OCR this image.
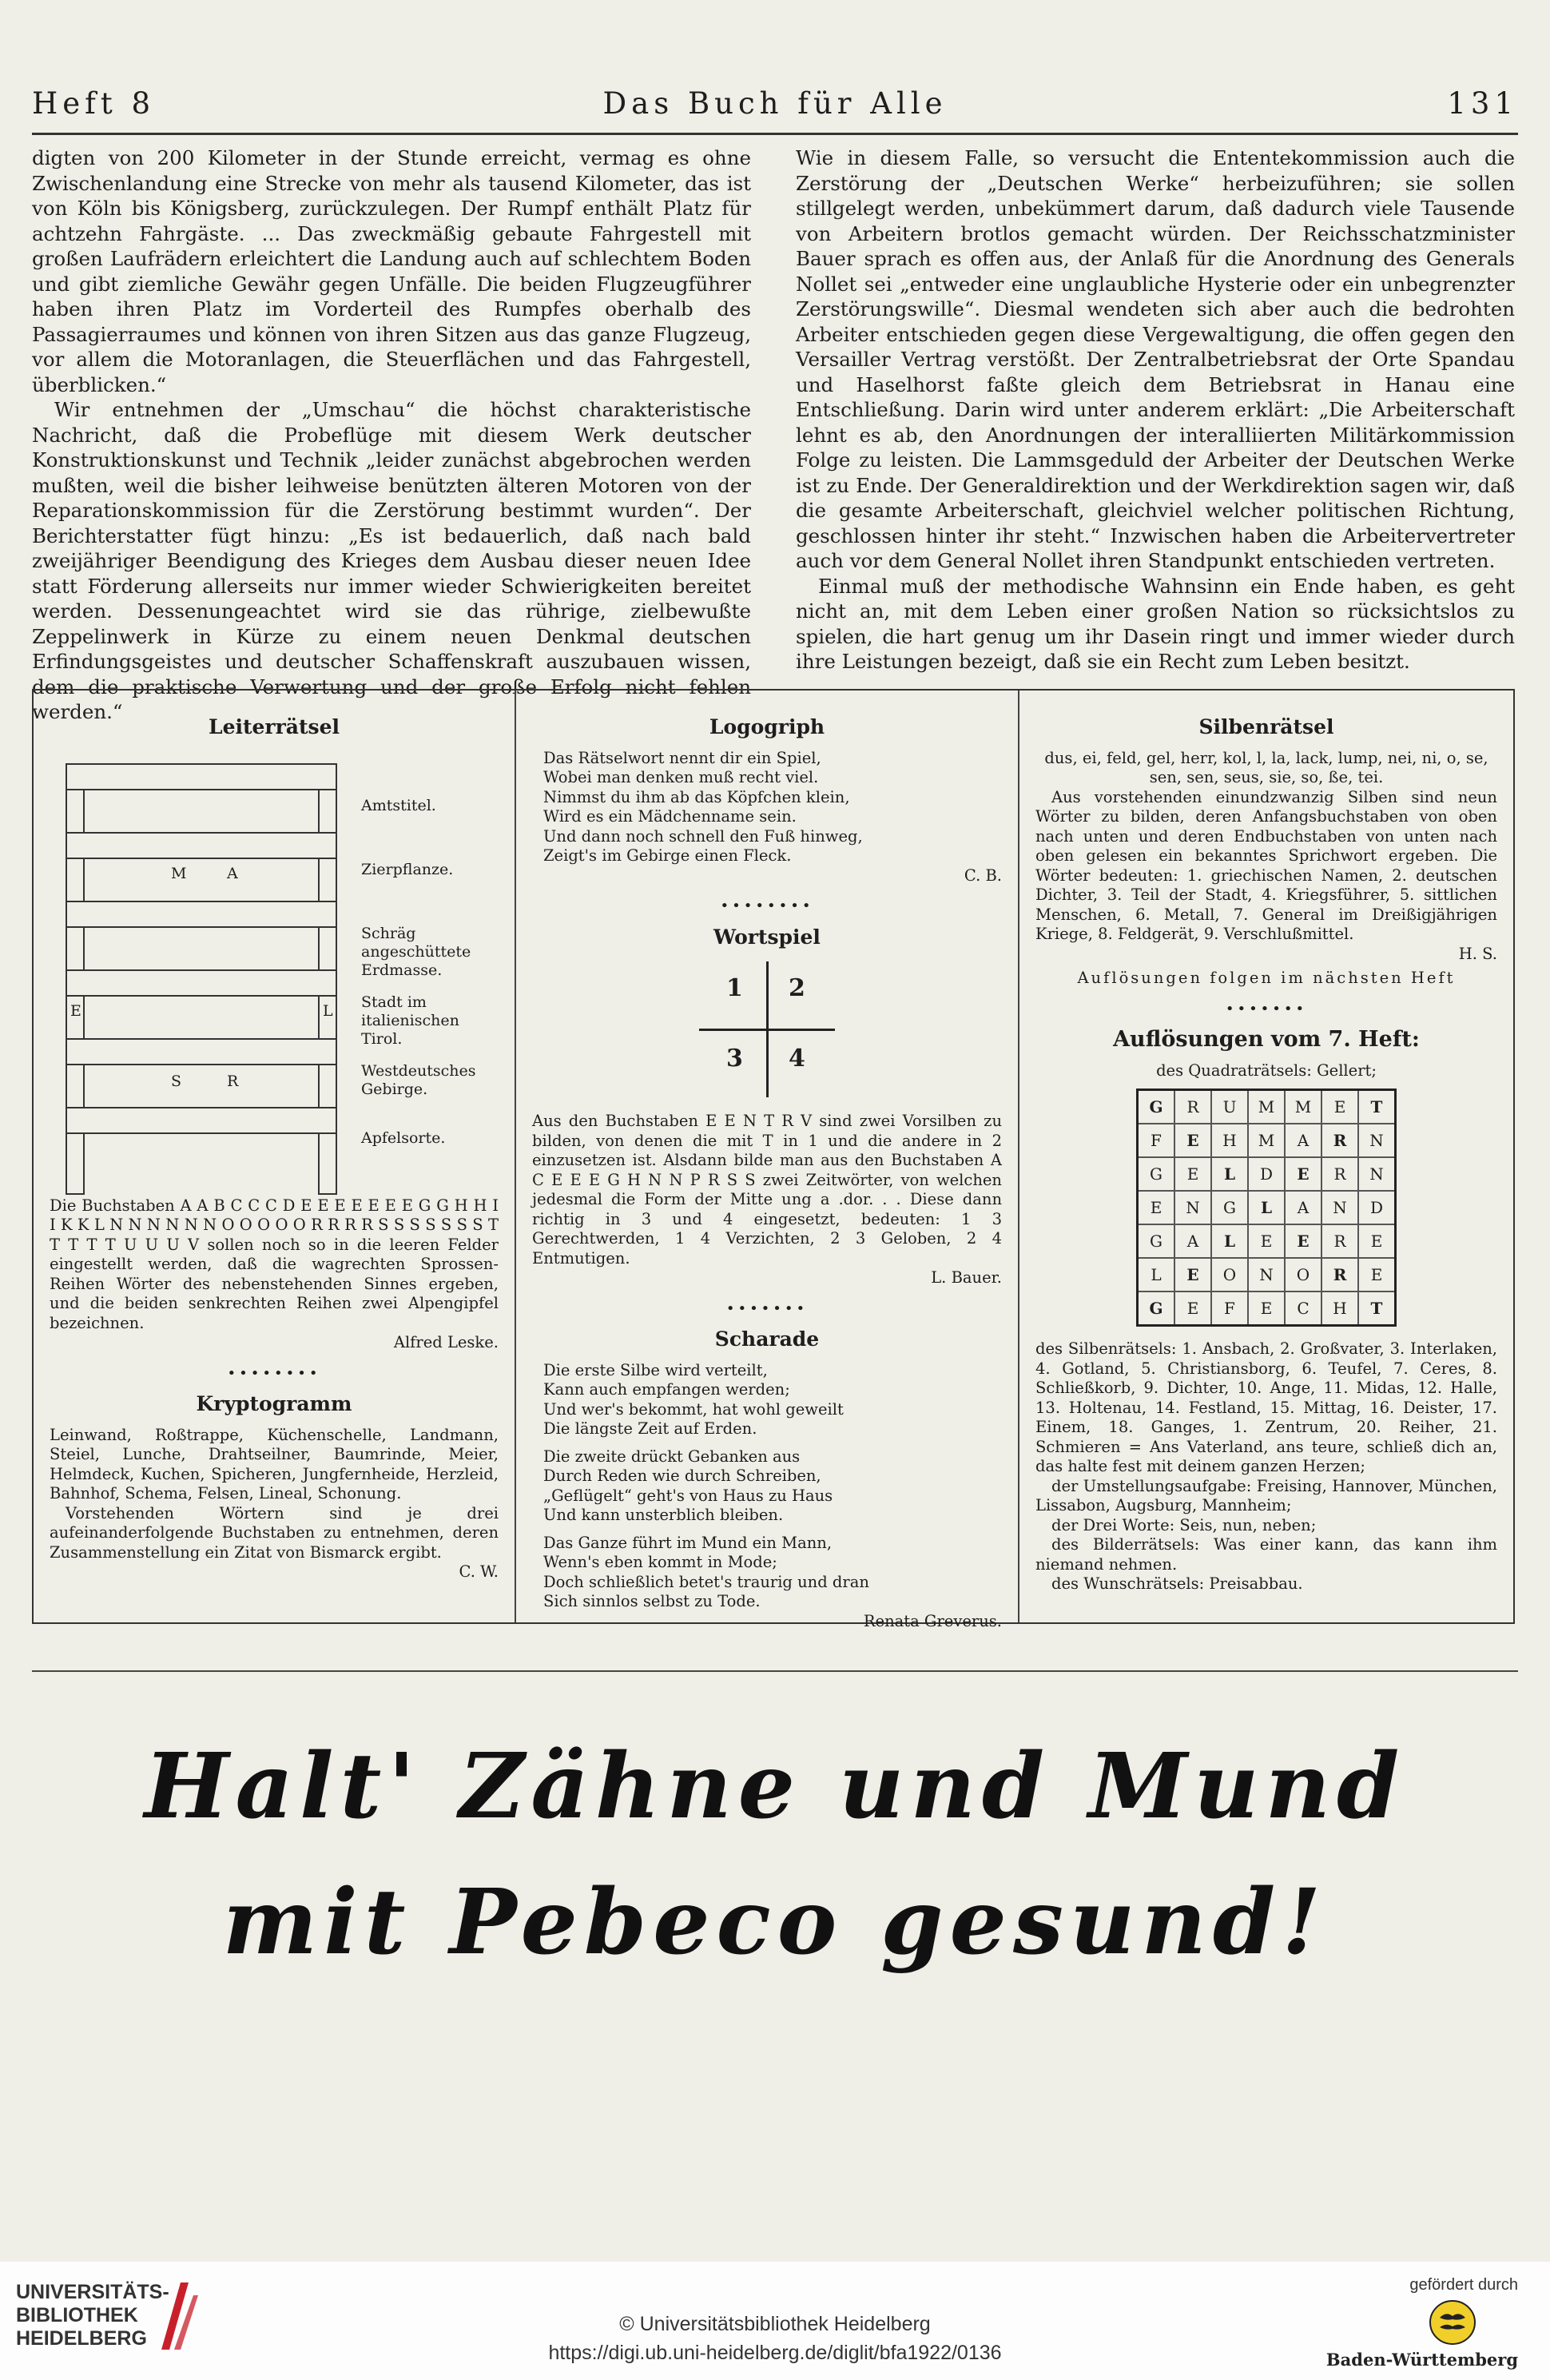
Das Buch für Alle
Heft 8	131

digten von 200 Kilometer in der Stunde erreicht, vermag es ohne Zwischenlandung eine Strecke von mehr als tausend Kilometer, das ist von Köln bis Königsberg, zurückzulegen. Der Rumpf enthält Platz für achtzehn Fahrgäste. ... Das zweckmäßig gebaute Fahrgestell mit großen Laufrädern erleichtert die Landung auch auf schlechtem Boden und gibt ziemliche Gewähr gegen Unfälle. Die beiden Flugzeugführer haben ihren Platz im Vorderteil des Rumpfes oberhalb des Passagierraumes und können von ihren Sitzen aus das ganze Flugzeug, vor allem die Motoranlagen, die Steuerflächen und das Fahrgestell, überblicken.“

Wir entnehmen der „Umschau“ die höchst charakteristische Nachricht, daß die Probeflüge mit diesem Werk deutscher Konstruktionskunst und Technik „leider zunächst abgebrochen werden mußten, weil die bisher leihweise benützten älteren Motoren von der Reparationskommission für die Zerstörung bestimmt wurden“. Der Berichterstatter fügt hinzu: „Es ist bedauerlich, daß nach bald zweijähriger Beendigung des Krieges dem Ausbau dieser neuen Idee statt Förderung allerseits nur immer wieder Schwierigkeiten bereitet werden. Dessenungeachtet wird sie das rührige, zielbewußte Zeppelinwerk in Kürze zu einem neuen Denkmal deutschen Erfindungsgeistes und deutscher Schaffenskraft auszubauen wissen, dem die praktische Verwertung und der große Erfolg nicht fehlen werden.“

Wie in diesem Falle, so versucht die Ententekommission auch die Zerstörung der „Deutschen Werke“ herbeizuführen; sie sollen stillgelegt werden, unbekümmert darum, daß dadurch viele Tausende von Arbeitern brotlos gemacht würden. Der Reichsschatzminister Bauer sprach es offen aus, der Anlaß für die Anordnung des Generals Nollet sei „entweder eine unglaubliche Hysterie oder ein unbegrenzter Zerstörungswille“. Diesmal wendeten sich aber auch die bedrohten Arbeiter entschieden gegen diese Vergewaltigung, die offen gegen den Versailler Vertrag verstößt. Der Zentralbetriebsrat der Orte Spandau und Haselhorst faßte gleich dem Betriebsrat in Hanau eine Entschließung. Darin wird unter anderem erklärt: „Die Arbeiterschaft lehnt es ab, den Anordnungen der interalliierten Militärkommission Folge zu leisten. Die Lammsgeduld der Arbeiter der Deutschen Werke ist zu Ende. Der Generaldirektion und der Werkdirektion sagen wir, daß die gesamte Arbeiterschaft, gleichviel welcher politischen Richtung, geschlossen hinter ihr steht.“ Inzwischen haben die Arbeitervertreter auch vor dem General Nollet ihren Standpunkt entschieden vertreten.

Einmal muß der methodische Wahnsinn ein Ende haben, es geht nicht an, mit dem Leben einer großen Nation so rücksichtslos zu spielen, die hart genug um ihr Dasein ringt und immer wieder durch ihre Leistungen bezeigt, daß sie ein Recht zum Leben besitzt.

Leiterrätsel
M	A
E	L
S	R
Amtstitel.
Zierpflanze.
Schräg angeschüttete Erdmasse.
Stadt im italienischen Tirol.
Westdeutsches Gebirge.
Apfelsorte.

Die Buchstaben A A B C C C D E E E E E E E G G H H I I K K L N N N N N N O O O O O R R R R S S S S S S S T T T T T U U U V sollen noch so in die leeren Felder eingestellt werden, daß die wagrechten Sprossen-Reihen Wörter des nebenstehenden Sinnes ergeben, und die beiden senkrechten Reihen zwei Alpengipfel bezeichnen.

Alfred Leske.
••••••••
Kryptogramm

Leinwand, Roßtrappe, Küchenschelle, Landmann, Steiel, Lunche, Drahtseilner, Baumrinde, Meier, Helmdeck, Kuchen, Spicheren, Jungfernheide, Herzleid, Bahnhof, Schema, Felsen, Lineal, Schonung.

Vorstehenden Wörtern sind je drei aufeinanderfolgende Buchstaben zu entnehmen, deren Zusammenstellung ein Zitat von Bismarck ergibt.

C. W.
Logogriph
Das Rätselwort nennt dir ein Spiel,
Wobei man denken muß recht viel.
Nimmst du ihm ab das Köpfchen klein,
Wird es ein Mädchenname sein.
Und dann noch schnell den Fuß hinweg,
Zeigt's im Gebirge einen Fleck.
C. B.
••••••••
Wortspiel
1 2
3 4

Aus den Buchstaben E E N T R V sind zwei Vorsilben zu bilden, von denen die mit T in 1 und die andere in 2 einzusetzen ist. Alsdann bilde man aus den Buchstaben A C E E E G H N N P R S S zwei Zeitwörter, von welchen jedesmal die Form der Mitte ung a .dor. . . Diese dann richtig in 3 und 4 eingesetzt, bedeuten: 1 3 Gerechtwerden, 1 4 Verzichten, 2 3 Geloben, 2 4 Entmutigen.

L. Bauer.
•••••••
Scharade
Die erste Silbe wird verteilt,
Kann auch empfangen werden;
Und wer's bekommt, hat wohl geweilt
Die längste Zeit auf Erden.
Die zweite drückt Gebanken aus
Durch Reden wie durch Schreiben,
„Geflügelt“ geht's von Haus zu Haus
Und kann unsterblich bleiben.
Das Ganze führt im Mund ein Mann,
Wenn's eben kommt in Mode;
Doch schließlich betet's traurig und dran
Sich sinnlos selbst zu Tode.
Renata Greverus.
Silbenrätsel

dus, ei, feld, gel, herr, kol, l, la, lack, lump, nei, ni, o, se, sen, sen, seus, sie, so, ße, tei.

Aus vorstehenden einundzwanzig Silben sind neun Wörter zu bilden, deren Anfangsbuchstaben von oben nach unten und deren Endbuchstaben von unten nach oben gelesen ein bekanntes Sprichwort ergeben. Die Wörter bedeuten: 1. griechischen Namen, 2. deutschen Dichter, 3. Teil der Stadt, 4. Kriegsführer, 5. sittlichen Menschen, 6. Metall, 7. General im Dreißigjährigen Kriege, 8. Feldgerät, 9. Verschlußmittel.

H. S.
Auflösungen folgen im nächsten Heft
•••••••
Auflösungen vom 7. Heft:
des Quadraträtsels: Gellert;
G	R	U	M	M	E	T
F	E	H	M	A	R	N
G	E	L	D	E	R	N
E	N	G	L	A	N	D
G	A	L	E	E	R	E
L	E	O	N	O	R	E
G	E	F	E	C	H	T

des Silbenrätsels: 1. Ansbach, 2. Großvater, 3. Interlaken, 4. Gotland, 5. Christiansborg, 6. Teufel, 7. Ceres, 8. Schließkorb, 9. Dichter, 10. Ange, 11. Midas, 12. Halle, 13. Holtenau, 14. Festland, 15. Mittag, 16. Deister, 17. Einem, 18. Ganges, 1. Zentrum, 20. Reiher, 21. Schmieren = Ans Vaterland, ans teure, schließ dich an, das halte fest mit deinem ganzen Herzen;

der Umstellungsaufgabe: Freising, Hannover, München, Lissabon, Augsburg, Mannheim;

der Drei Worte: Seis, nun, neben;

des Bilderrätsels: Was einer kann, das kann ihm niemand nehmen.

des Wunschrätsels: Preisabbau.

Halt' Zähne und Mund
mit Pebeco gesund!
UNIVERSITÄTS-
BIBLIOTHEK
HEIDELBERG
© Universitätsbibliothek Heidelberg
https://digi.ub.uni-heidelberg.de/diglit/bfa1922/0136
gefördert durch
Baden-Württemberg
